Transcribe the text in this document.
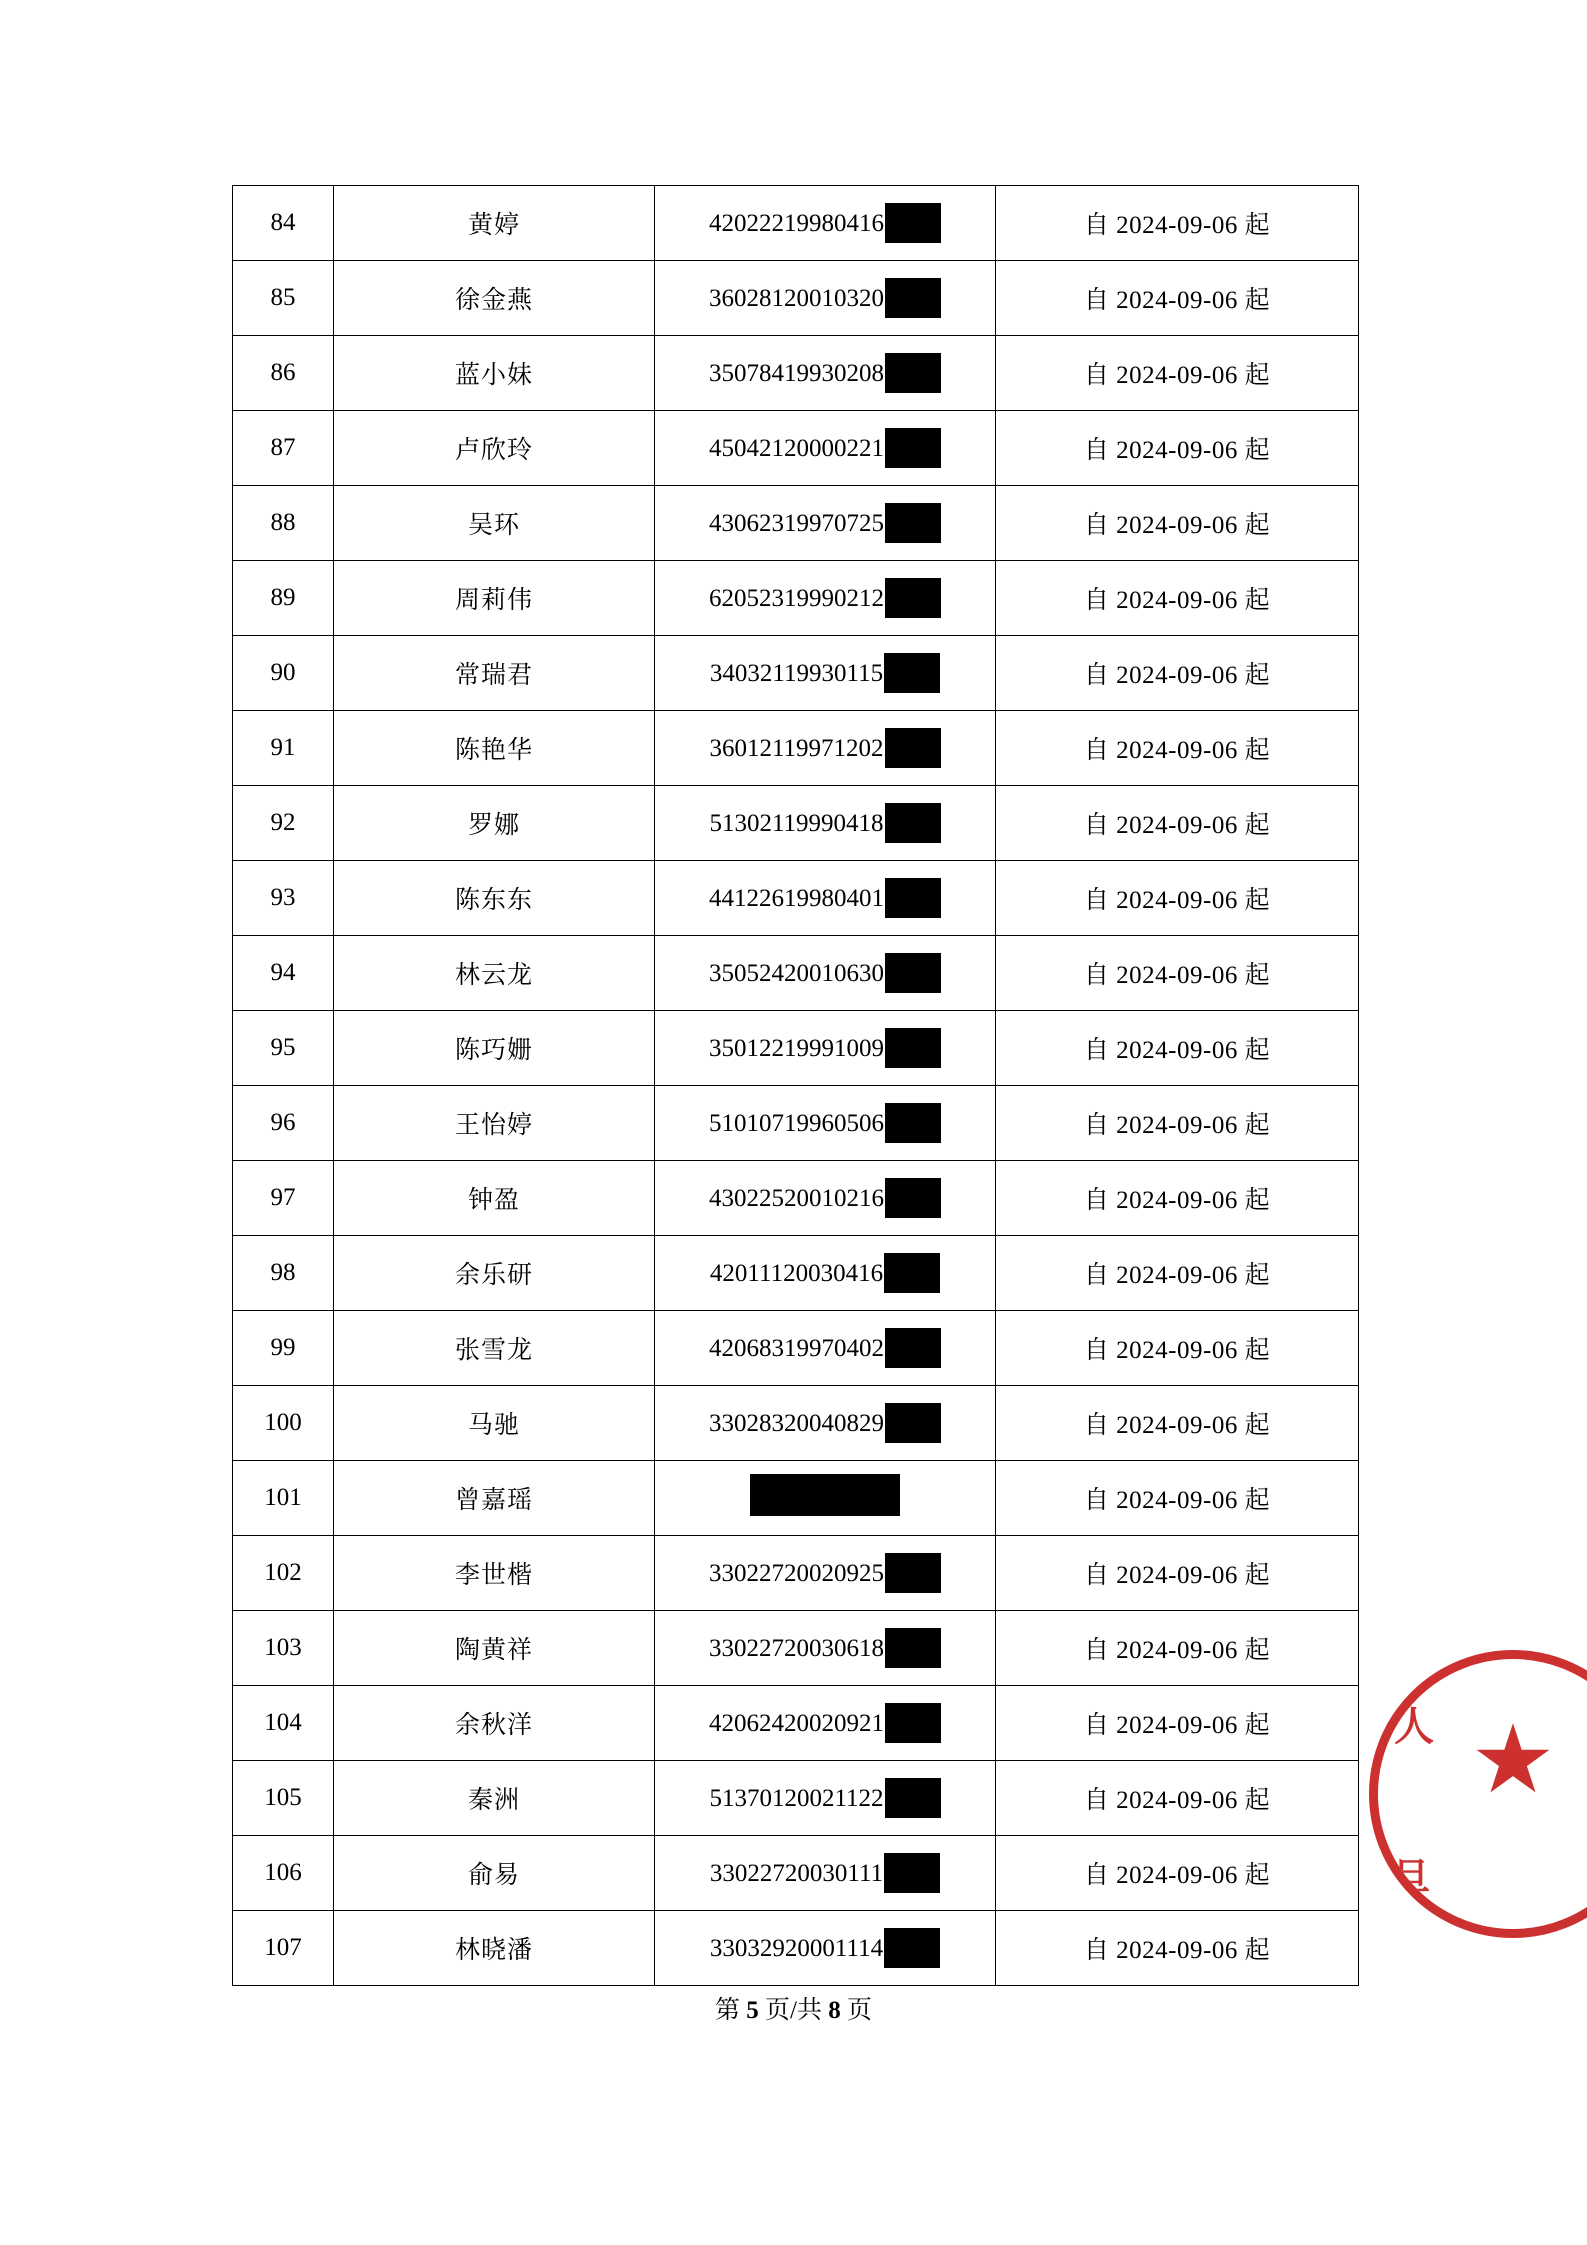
84	黄婷	42022219980416	自 2024-09-06 起
85	徐金燕	36028120010320	自 2024-09-06 起
86	蓝小妹	35078419930208	自 2024-09-06 起
87	卢欣玲	45042120000221	自 2024-09-06 起
88	吴环	43062319970725	自 2024-09-06 起
89	周莉伟	62052319990212	自 2024-09-06 起
90	常瑞君	34032119930115	自 2024-09-06 起
91	陈艳华	36012119971202	自 2024-09-06 起
92	罗娜	51302119990418	自 2024-09-06 起
93	陈东东	44122619980401	自 2024-09-06 起
94	林云龙	35052420010630	自 2024-09-06 起
95	陈巧姗	35012219991009	自 2024-09-06 起
96	王怡婷	51010719960506	自 2024-09-06 起
97	钟盈	43022520010216	自 2024-09-06 起
98	余乐研	42011120030416	自 2024-09-06 起
99	张雪龙	42068319970402	自 2024-09-06 起
100	马驰	33028320040829	自 2024-09-06 起
101	曾嘉瑶		自 2024-09-06 起
102	李世楷	33022720020925	自 2024-09-06 起
103	陶黄祥	33022720030618	自 2024-09-06 起
104	余秋洋	42062420020921	自 2024-09-06 起
105	秦洲	51370120021122	自 2024-09-06 起
106	俞易	33022720030111	自 2024-09-06 起
107	林晓潘	33032920001114	自 2024-09-06 起
第 5 页/共 8 页
人 ★
旦
